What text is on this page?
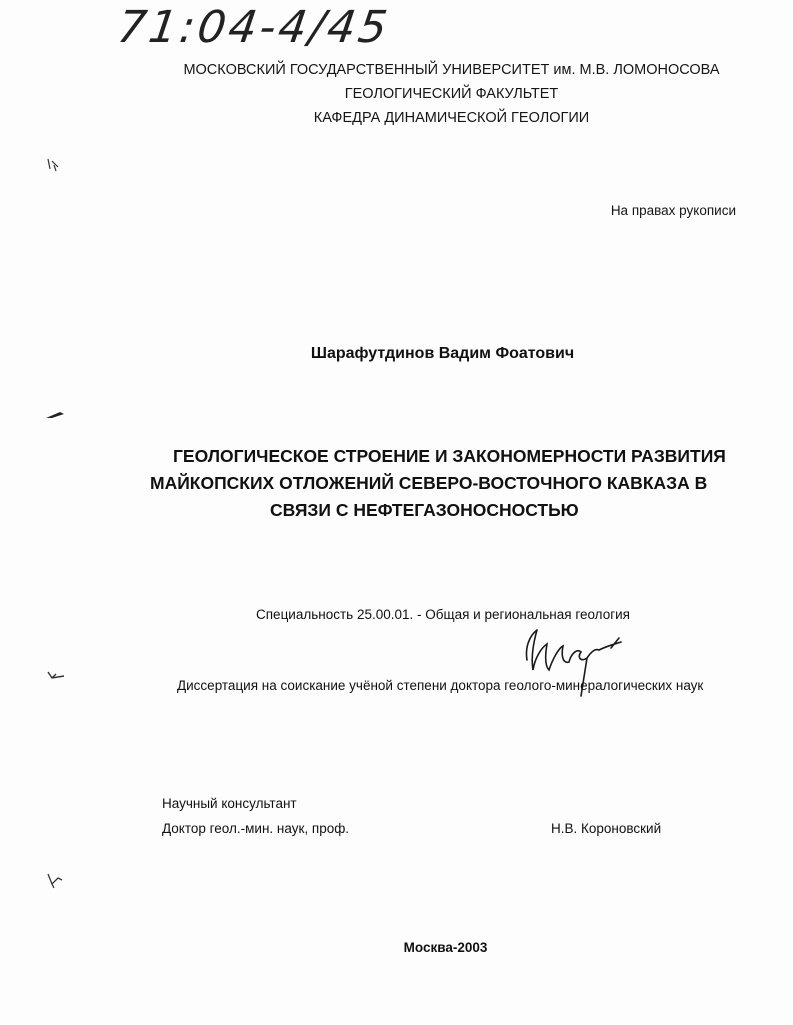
71:04-4/45
МОСКОВСКИЙ ГОСУДАРСТВЕННЫЙ УНИВЕРСИТЕТ им. М.В. ЛОМОНОСОВА
ГЕОЛОГИЧЕСКИЙ ФАКУЛЬТЕТ
КАФЕДРА ДИНАМИЧЕСКОЙ ГЕОЛОГИИ
На правах рукописи
Шарафутдинов Вадим Фоатович
ГЕОЛОГИЧЕСКОЕ СТРОЕНИЕ И ЗАКОНОМЕРНОСТИ РАЗВИТИЯ
МАЙКОПСКИХ ОТЛОЖЕНИЙ СЕВЕРО-ВОСТОЧНОГО КАВКАЗА В
СВЯЗИ С НЕФТЕГАЗОНОСНОСТЬЮ
Специальность 25.00.01. - Общая и региональная геология
Диссертация на соискание учёной степени доктора геолого-минералогических наук
Научный консультант
Доктор геол.-мин. наук, проф.	Н.В. Короновский
Москва-2003
